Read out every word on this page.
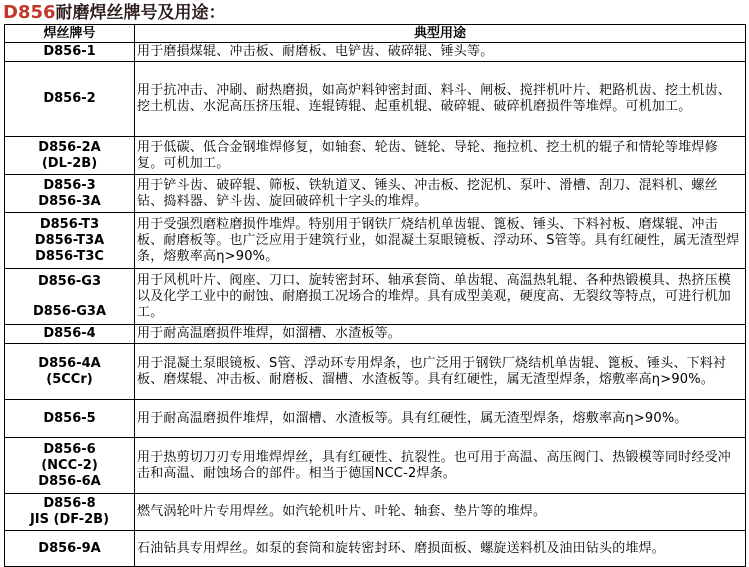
D856耐磨焊丝牌号及用途：
焊丝牌号	典型用途

D856-1	用于磨損煤辊、冲击板、耐磨板、电铲齿、破碎辊、锤头等。

D856-2	用于抗冲击、冲刷、耐热磨损，如高炉料钟密封面、料斗、闸板、搅拌机叶片、耙路机齿、挖土机齿、挖土机齿、水泥高压挤压辊、连辊铸辊、起重机辊、破碎辊、破碎机磨损件等堆焊。可机加工。

D856-2A
(DL-2B)	用于低碳、低合金钢堆焊修复，如轴套、轮齿、链轮、导轮、拖拉机、挖土机的辊子和情轮等堆焊修复。可机加工。

D856-3
D856-3A	用于铲斗齿、破碎辊、筛板、铁轨道叉、锤头、冲击板、挖泥机、泵叶、滑槽、刮刀、混料机、螺丝钻、捣料器、铲斗齿、旋回破碎机十字头的堆焊。

D856-T3
D856-T3A
D856-T3C	用于受强烈磨粒磨损件堆焊。特别用于钢铁厂烧结机单齿辊、篦板、锤头、下料衬板、磨煤辊、冲击板、耐磨板等。也广泛应用于建筑行业，如混凝土泵眼镜板、浮动环、S管等。具有红硬性，属无渣型焊条，熔敷率高η>90%。

D856-G3
D856-G3A	用于风机叶片、阀座、刀口、旋转密封环、轴承套筒、单齿辊、高温热轧辊、各种热锻模具、热挤压模以及化学工业中的耐蚀、耐磨损工况场合的堆焊。具有成型美观，硬度高、无裂纹等特点，可进行机加工。

D856-4	用于耐高温磨损件堆焊，如溜槽、水渣板等。

D856-4A
(5CCr)	用于混凝土泵眼镜板、S管、浮动环专用焊条，也广泛用于钢铁厂烧结机单齿辊、篦板、锤头、下料衬板、磨煤辊、冲击板、耐磨板、溜槽、水渣板等。具有红硬性，属无渣型焊条，熔敷率高η>90%。

D856-5	用于耐高温磨损件堆焊，如溜槽、水渣板等。具有红硬性，属无渣型焊条，熔敷率高η>90%。

D856-6
(NCC-2)
D856-6A	用于热剪切刀刃专用堆焊焊丝，具有红硬性、抗裂性。也可用于高温、高压阀门、热锻模等同时经受冲击和高温、耐蚀场合的部件。相当于德国NCC-2焊条。

D856-8
JIS (DF-2B)	燃气涡轮叶片专用焊丝。如汽轮机叶片、叶轮、轴套、垫片等的堆焊。

D856-9A	石油钻具专用焊丝。如泵的套筒和旋转密封环、磨损面板、螺旋送料机及油田钻头的堆焊。
